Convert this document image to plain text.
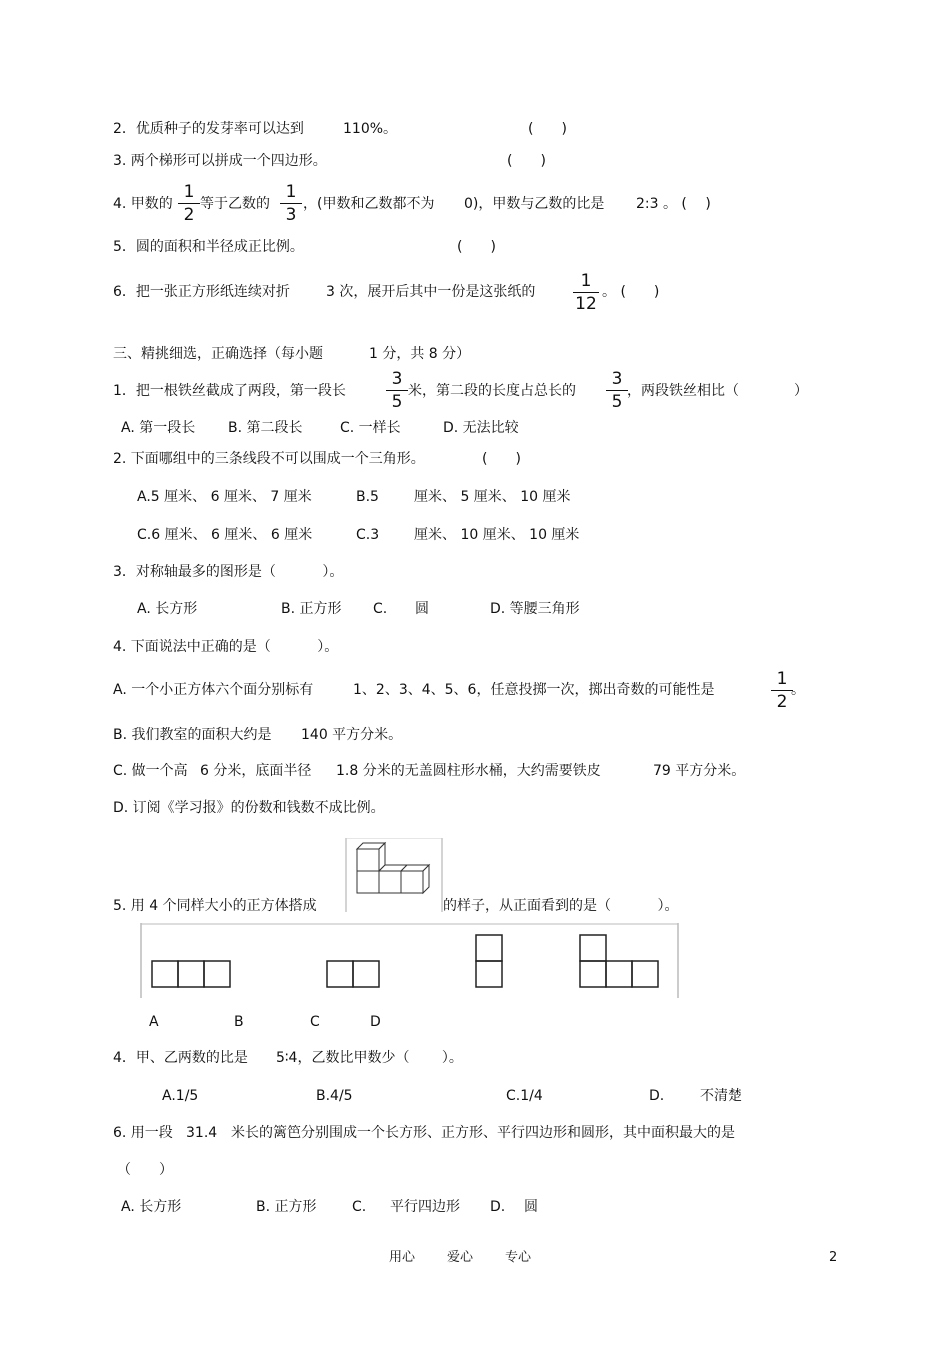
2．优质种子的发芽率可以达到	110%。	(　　)
3. 两个梯形可以拼成一个四边形。	(　　)
4. 甲数的
1
2
等于乙数的
1
3
，(甲数和乙数都不为 0)，甲数与乙数的比是 2:3 。 (　 )
5．圆的面积和半径成正比例。	(　　)
6．把一张正方形纸连续对折	3 次，展开后其中一份是这张纸的
1
12
。 (　　)
三、精挑细选，正确选择（每小题	1 分，共 8 分）
1．把一根铁丝截成了两段，第一段长
3
5
米，第二段的长度占总长的
3
5
，两段铁丝相比（	）
A. 第一段长 B. 第二段长	C. 一样长	D. 无法比较
2. 下面哪组中的三条线段不可以围成一个三角形。	(　　)
A.5 厘米、 6 厘米、 7 厘米	B.5	厘米、 5 厘米、 10 厘米
C.6 厘米、 6 厘米、 6 厘米	C.3 厘米、 10 厘米、 10 厘米
3．对称轴最多的图形是（　　　 ）。
A. 长方形	B. 正方形 C. 圆	D. 等腰三角形
4. 下面说法中正确的是（　　　 ）。
A. 一个小正方体六个面分别标有	1、2、3、4、5、6，任意投掷一次，掷出奇数的可能性是
1
2
。
B. 我们教室的面积大约是 140 平方分米。
C. 做一个高 6 分米，底面半径 1.8 分米的无盖圆柱形水桶，大约需要铁皮	79 平方分米。
D. 订阅《学习报》的份数和钱数不成比例。
5. 用 4 个同样大小的正方体搭成	的样子，从正面看到的是（　　　 ）。
A	B	C	D
4．甲、乙两数的比是 5∶4，乙数比甲数少（　　 ）。
A.1/5	B.4/5	C.1/4	D.	不清楚
6. 用一段 31.4 米长的篱笆分别围成一个长方形、正方形、平行四边形和圆形，其中面积最大的是
（　　）
A. 长方形	B. 正方形	C. 平行四边形 D. 圆
用心 爱心 专心	2
